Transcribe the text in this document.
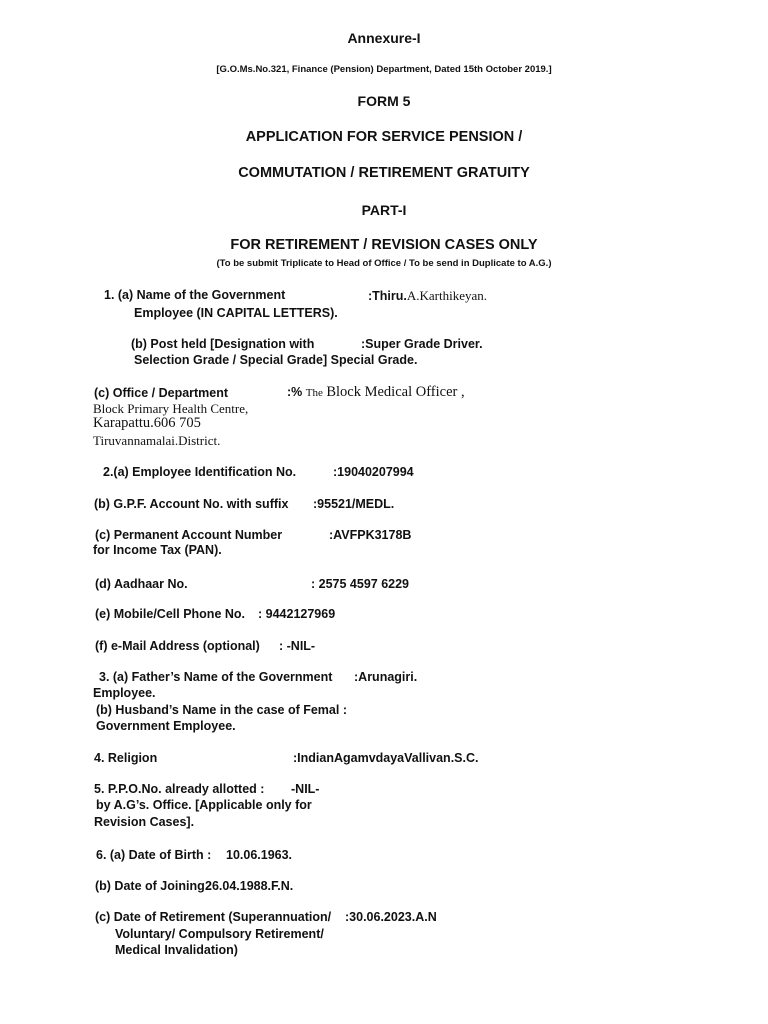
Annexure-I
[G.O.Ms.No.321, Finance (Pension) Department, Dated 15th October 2019.]
FORM 5
APPLICATION FOR SERVICE PENSION /
COMMUTATION / RETIREMENT GRATUITY
PART-I
FOR RETIREMENT / REVISION CASES ONLY
(To be submit Triplicate to Head of Office / To be send in Duplicate to A.G.)
1. (a) Name of the Government	:Thiru.A.Karthikeyan.
Employee (IN CAPITAL LETTERS).
(b) Post held [Designation with	:Super Grade Driver.
Selection Grade / Special Grade] Special Grade.
(c) Office / Department	:% The Block Medical Officer ,
Block Primary Health Centre,
Karapattu.606 705
Tiruvannamalai.District.
2.(a) Employee Identification No.	:19040207994
(b) G.P.F. Account No. with suffix :95521/MEDL.
(c) Permanent Account Number	:AVFPK3178B
for Income Tax (PAN).
(d) Aadhaar No.	: 2575 4597 6229
(e) Mobile/Cell Phone No. : 9442127969
(f) e-Mail Address (optional) : -NIL-
3. (a) Father’s Name of the Government :Arunagiri.
Employee.
(b) Husband’s Name in the case of Femal :
Government Employee.
4. Religion	:IndianAgamvdayaVallivan.S.C.
5. P.P.O.No. already allotted : -NIL-
by A.G’s. Office. [Applicable only for
Revision Cases].
6. (a) Date of Birth : 10.06.1963.
(b) Date of Joining :
26.04.1988.F.N.
(c) Date of Retirement (Superannuation/ :30.06.2023.A.N
Voluntary/ Compulsory Retirement/
Medical Invalidation)
